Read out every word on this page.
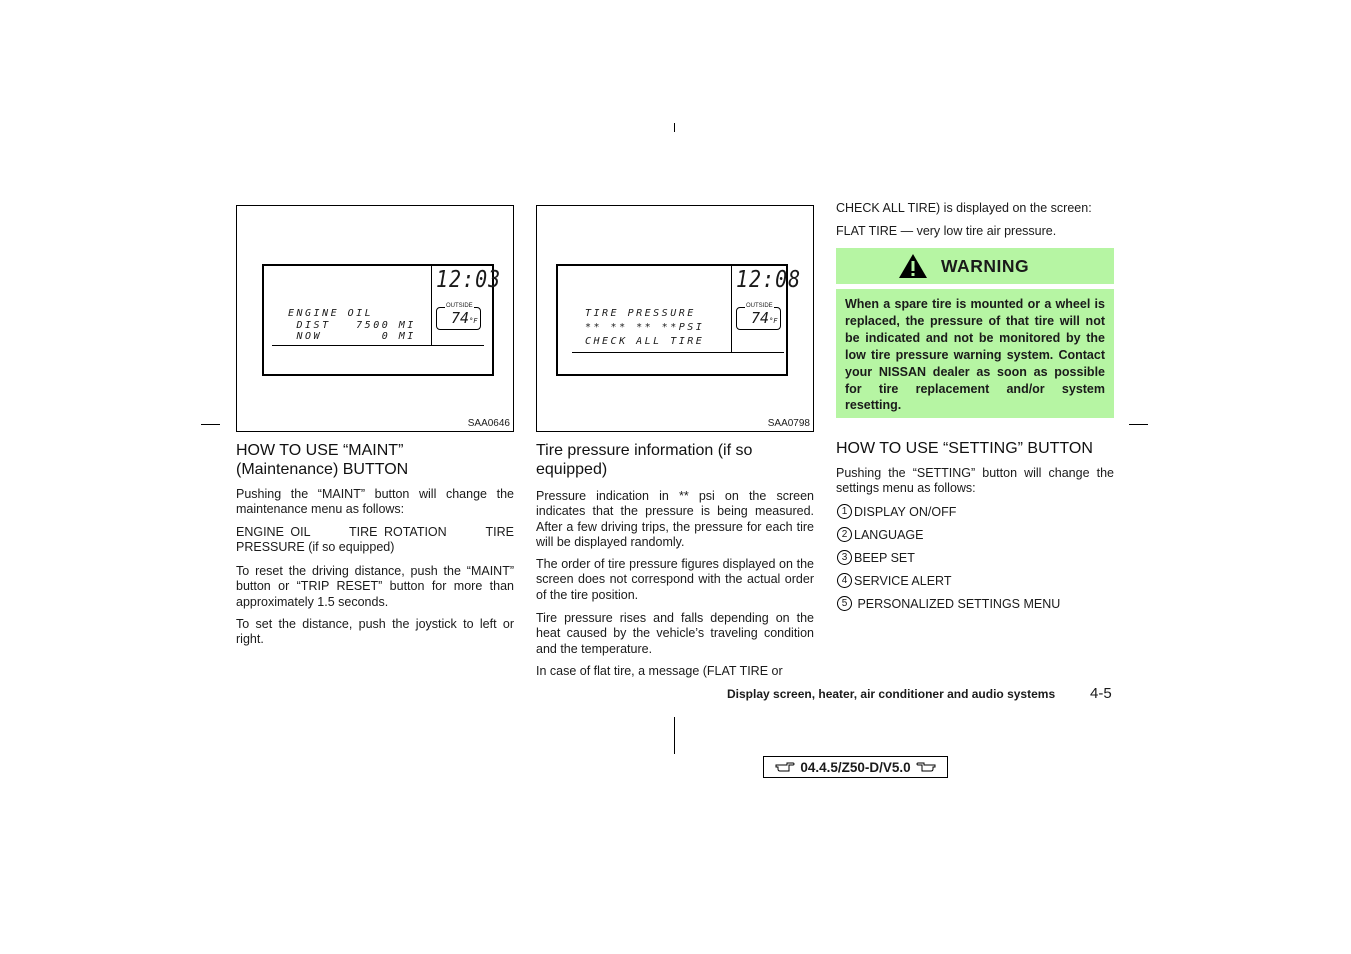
12:03
OUTSIDE
74°F
ENGINE OIL
DIST   7500 MI
NOW       0 MI
SAA0646
12:08
OUTSIDE
74°F
TIRE PRESSURE
** ** ** **PSI
CHECK ALL TIRE
SAA0798
HOW TO USE “MAINT” (Maintenance) BUTTON

Pushing the “MAINT” button will change the maintenance menu as follows:

ENGINE OIL      TIRE ROTATION      TIRE PRESSURE (if so equipped)

To reset the driving distance, push the “MAINT” button or “TRIP RESET” button for more than approximately 1.5 seconds.

To set the distance, push the joystick to left or right.

Tire pressure information (if so equipped)

Pressure indication in ** psi on the screen indicates that the pressure is being measured. After a few driving trips, the pressure for each tire will be displayed randomly.

The order of tire pressure figures displayed on the screen does not correspond with the actual order of the tire position.

Tire pressure rises and falls depending on the heat caused by the vehicle’s traveling condition and the temperature.

In case of flat tire, a message (FLAT TIRE or

CHECK ALL TIRE) is displayed on the screen:

FLAT TIRE — very low tire air pressure.

WARNING
When a spare tire is mounted or a wheel is replaced, the pressure of that tire will not be indicated and not be monitored by the low tire pressure warning system. Contact your NISSAN dealer as soon as possible for tire replacement and/or system resetting.
HOW TO USE “SETTING” BUTTON

Pushing the “SETTING” button will change the settings menu as follows:

1 DISPLAY ON/OFF
2 LANGUAGE
3 BEEP SET
4 SERVICE ALERT
5 PERSONALIZED SETTINGS MENU
Display screen, heater, air conditioner and audio systems 4-5
04.4.5/Z50-D/V5.0
